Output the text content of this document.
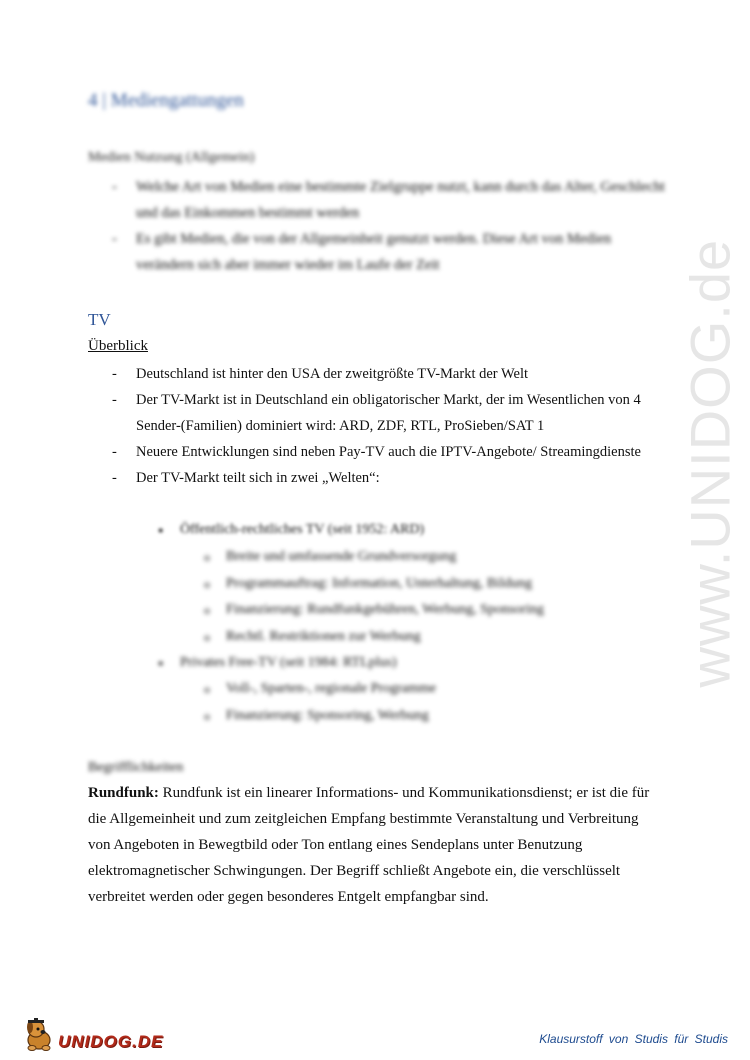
www.UNIDOG.de
4 | Mediengattungen
Medien Nutzung (Allgemein)
- Welche Art von Medien eine bestimmte Zielgruppe nutzt, kann durch das Alter, Geschlecht und das Einkommen bestimmt werden
- Es gibt Medien, die von der Allgemeinheit genutzt werden. Diese Art von Medien verändern sich aber immer wieder im Laufe der Zeit
TV
Überblick
- Deutschland ist hinter den USA der zweitgrößte TV-Markt der Welt
- Der TV-Markt ist in Deutschland ein obligatorischer Markt, der im Wesentlichen von 4 Sender-(Familien) dominiert wird: ARD, ZDF, RTL, ProSieben/SAT 1
- Neuere Entwicklungen sind neben Pay-TV auch die IPTV-Angebote/ Streamingdienste
- Der TV-Markt teilt sich in zwei „Welten“:
● Öffentlich-rechtliches TV (seit 1952: ARD)
o Breite und umfassende Grundversorgung
o Programmauftrag: Information, Unterhaltung, Bildung
o Finanzierung: Rundfunkgebühren, Werbung, Sponsoring
o Rechtl. Restriktionen zur Werbung
● Privates Free-TV (seit 1984: RTLplus)
o Voll-, Sparten-, regionale Programme
o Finanzierung: Sponsoring, Werbung
Begrifflichkeiten
Rundfunk: Rundfunk ist ein linearer Informations- und Kommunikationsdienst; er ist die für die Allgemeinheit und zum zeitgleichen Empfang bestimmte Veranstaltung und Verbreitung von Angeboten in Bewegtbild oder Ton entlang eines Sendeplans unter Benutzung elektromagnetischer Schwingungen. Der Begriff schließt Angebote ein, die verschlüsselt verbreitet werden oder gegen besonderes Entgelt empfangbar sind.
UNIDOG.DE	Klausurstoff von Studis für Studis
